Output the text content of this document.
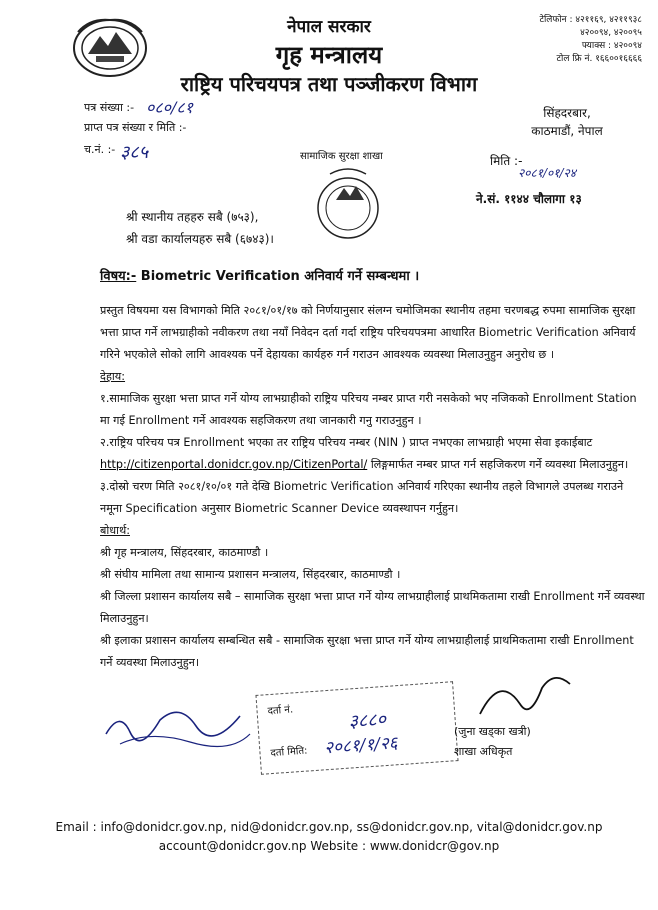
नेपाल सरकार
गृह मन्त्रालय
राष्ट्रिय परिचयपत्र तथा पञ्जीकरण विभाग
टेलिफोन : ४२११६९, ४२११९३८
४२००९४, ४२००९५
फ्याक्स : ४२००९४
टोल फ्रि नं. १६६००१६६६६
पत्र संख्या :- ०८०/८१
प्राप्त पत्र संख्या र मिति :-
च.नं. :- ३८५
सिंहदरबार,
काठमाडौं, नेपाल
सामाजिक सुरक्षा शाखा	मिति :-
२०८१/०१/२४
ने.सं. ११४४ चौलागा १३
श्री स्थानीय तहहरु सबै (७५३),
श्री वडा कार्यालयहरु सबै (६७४३)।
विषय:- Biometric Verification अनिवार्य गर्ने सम्बन्धमा ।

प्रस्तुत विषयमा यस विभागको मिति २०८१/०१/१७ को निर्णयानुसार संलग्न चमोजिमका स्थानीय तहमा चरणबद्ध रुपमा सामाजिक सुरक्षा भत्ता प्राप्त गर्ने लाभग्राहीको नवीकरण तथा नयाँ निवेदन दर्ता गर्दा राष्ट्रिय परिचयपत्रमा आधारित Biometric Verification अनिवार्य गरिने भएकोले सोको लागि आवश्यक पर्ने देहायका कार्यहरु गर्न गराउन आवश्यक व्यवस्था मिलाउनुहुन अनुरोध छ ।

देहाय:

१.सामाजिक सुरक्षा भत्ता प्राप्त गर्ने योग्य लाभग्राहीको राष्ट्रिय परिचय नम्बर प्राप्त गरी नसकेको भए नजिकको Enrollment Station मा गई Enrollment गर्ने आवश्यक सहजिकरण तथा जानकारी गनु गराउनुहुन ।

२.राष्ट्रिय परिचय पत्र Enrollment भएका तर राष्ट्रिय परिचय नम्बर (NIN ) प्राप्त नभएका लाभग्राही भएमा सेवा इकाईबाट http://citizenportal.donidcr.gov.np/CitizenPortal/ लिङ्गमार्फत नम्बर प्राप्त गर्न सहजिकरण गर्ने व्यवस्था मिलाउनुहुन।

३.दोस्रो चरण मिति २०८१/१०/०१ गते देखि Biometric Verification अनिवार्य गरिएका स्थानीय तहले विभागले उपलब्ध गराउने नमूना Specification अनुसार Biometric Scanner Device व्यवस्थापन गर्नुहुन।

बोधार्थ:

श्री गृह मन्त्रालय, सिंहदरबार, काठमाण्डौ ।

श्री संघीय मामिला तथा सामान्य प्रशासन मन्त्रालय, सिंहदरबार, काठमाण्डौ ।

श्री जिल्ला प्रशासन कार्यालय सबै – सामाजिक सुरक्षा भत्ता प्राप्त गर्ने योग्य लाभग्राहीलाई प्राथमिकतामा राखी Enrollment गर्ने व्यवस्था मिलाउनुहुन।

श्री इलाका प्रशासन कार्यालय सम्बन्धित सबै - सामाजिक सुरक्षा भत्ता प्राप्त गर्ने योग्य लाभग्राहीलाई प्राथमिकतामा राखी Enrollment गर्ने व्यवस्था मिलाउनुहुन।

दर्ता नं.	३८८०
दर्ता मिति: २०८१/१/२६
(जुना खड्का खत्री)
शाखा अधिकृत
Email : info@donidcr.gov.np, nid@donidcr.gov.np, ss@donidcr.gov.np, vital@donidcr.gov.np
account@donidcr.gov.np Website : www.donidcr@gov.np
